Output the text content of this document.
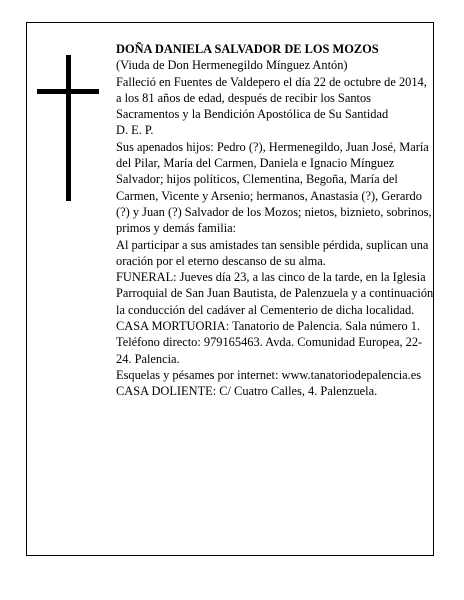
DOÑA DANIELA SALVADOR DE LOS MOZOS

(Viuda de Don Hermenegildo Mínguez Antón)

Falleció en Fuentes de Valdepero el día 22 de octubre de 2014, a los 81 años de edad, después de recibir los Santos Sacramentos y la Bendición Apostólica de Su Santidad

D. E. P.

Sus apenados hijos: Pedro (?), Hermenegildo, Juan José, María del Pilar, María del Carmen, Daniela e Ignacio Mínguez Salvador; hijos políticos, Clementina, Begoña, María del Carmen, Vicente y Arsenio; hermanos, Anastasia (?), Gerardo (?) y Juan (?) Salvador de los Mozos; nietos, biznieto, sobrinos, primos y demás familia:

Al participar a sus amistades tan sensible pérdida, suplican una oración por el eterno descanso de su alma.

FUNERAL: Jueves día 23, a las cinco de la tarde, en la Iglesia Parroquial de San Juan Bautista, de Palenzuela y a continuación la conducción del cadáver al Cementerio de dicha localidad.

CASA MORTUORIA: Tanatorio de Palencia. Sala número 1. Teléfono directo: 979165463. Avda. Comunidad Europea, 22-24. Palencia.

Esquelas y pésames por internet: www.tanatoriodepalencia.es

CASA DOLIENTE: C/ Cuatro Calles, 4. Palenzuela.
